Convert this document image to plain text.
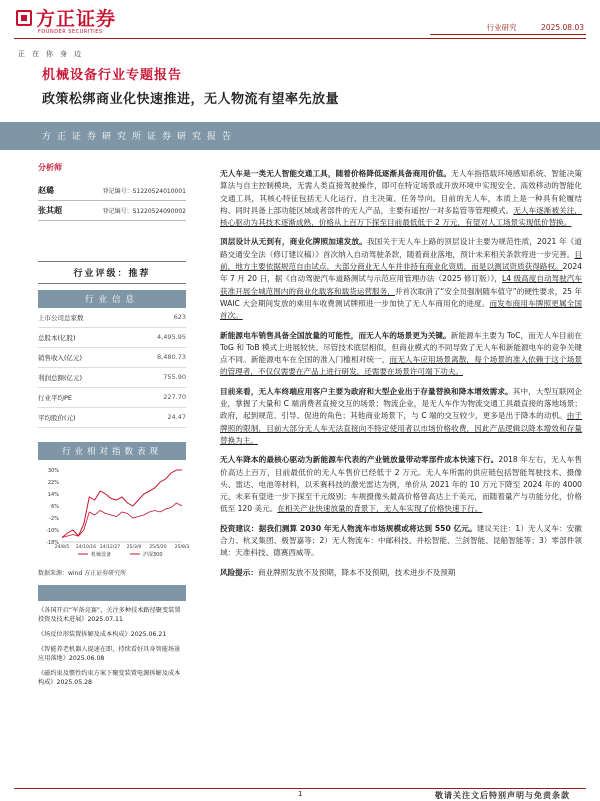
方正证券
FOUNDER SECURITIES
正在你身边
行业研究	2025.08.03
机械设备行业专题报告
政策松绑商业化快速推进，无人物流有望率先放量
方正证券研究所证券研究报告
分析师
赵璐	登记编号：S1220524010001
张其超	登记编号：S1220524090002
行业评级：推荐
行业信息
上市公司总家数	623
总股本(亿股)	4,495.95
销售收入(亿元)	8,480.73
利润总额(亿元)	755.90
行业平均PE	227.70
平均股价(元)	24.47
行业相对指数表现
30%
22%
14%
6%
-2%
-10%
-18%
24/8/5 24/10/16 24/12/27 25/3/9 25/5/20 25/8/3
机械设备	沪深300
数据来源：wind 方正证券研究所
《各国开启“军备竞赛”，关注多种技术路径聚变装置投资及技术进展》2025.07.11
《场反位形装置拆解及成本构成》2025.06.21
《智能养老机器人提速在即，持续看好具身智能场景应用落地》2025.06.08
《磁约束及惯性约束方案下聚变装置电源拆解及成本构成》2025.05.28

无人车是一类无人智能交通工具，随着价格降低逐渐具备商用价值。无人车指搭载环境感知系统、智能决策算法与自主控制模块，无需人类直接驾驶操作，即可在特定场景或开放环境中实现安全、高效移动的智能化交通工具，其核心特征包括无人化运行、自主决策、任务导向。目前的无人车，本质上是一种具有轮履结构、同时具备上部功能区域或者部件的无人产品，主要有遥控/一对多监管等管理模式。无人车逐渐被关注，核心驱动为其技术逐渐成熟，价格从上百万下探至目前最低低于 2 万元，有望对人工场景实现低价替换。

顶层设计从无到有，商业化牌照加速发放。我国关于无人车上路的顶层设计主要为规范性质，2021 年《道路交通安全法（修订建议稿）》首次纳入自动驾驶条款，随着商业落地，预计未来相关条款将进一步完善。目前，地方主要依据规范自由试点，大部分商业无人车并非持有商业化资质，而是以测试资质获得路权。2024 年 7 月 20 日，据《自动驾驶汽车道路测试与示范应用管理办法（2025 修订版）》，L4 级高度自动驾驶汽车获准开展全城范围内的商业化载客和载货运营服务，并首次取消了“安全员强制随车值守”的硬性要求，25 年 WAIC 大会期间发放的乘用车收费测试牌照进一步加快了无人车商用化的进度。而发布商用车牌照更属全国首次。

新能源电车销售具备全国放量的可能性，而无人车的场景更为关键。新能源车主要为 ToC，而无人车目前在 ToG 和 ToB 模式上进展较快。尽管技术底层相似，但商业模式的不同导致了无人车和新能源电车的竞争关键点不同。新能源电车在全国的准入门槛相对统一，而无人车应用场景离散，每个场景的准入依赖于这个场景的管理者，不仅仅需要在产品上进行研发，还需要在场景许可端下功夫。

目前来看，无人车终端应用客户主要为政府和大型企业出于存量替换和降本增效需求。其中，大型互联网企业，掌握了大量和 C 端消费者直接交互的场景；物流企业，是无人车作为物流交通工具最直接的落地场景；政府，起到规范、引导、促进的角色；其他商业场景下，与 C 端的交互较少，更多是出于降本的动机。由于牌照的限制，目前大部分无人车无法直接向不特定使用者以市场价格收费，因此产品逻辑以降本增效和存量替换为主。

无人车降本的最核心驱动为新能源车代表的产业链放量带动零部件成本快速下行。2018 年左右，无人车售价高达上百万，目前最低价的无人车售价已经低于 2 万元。无人车所需的供应链包括智能驾驶技术、摄像头、雷达、电池等材料，以禾赛科技的激光雷达为例，单价从 2021 年的 10 万元下降至 2024 年的 4000 元，未来有望进一步下探至千元级别；车规摄像头最高价格曾高达上千美元，而随着量产与功能分化，价格低至 120 美元。在相关产业快速放量的背景下，无人车实现了价格快速下行。

投资建议：据我们测算 2030 年无人物流车市场规模或将达到 550 亿元。建议关注：1）无人叉车：安徽合力、杭叉集团、极智嘉等；2）无人物流车：中邮科技、井松智能、兰剑智能、昆船智能等；3）零部件领域：天准科技、德赛西威等。

风险提示：商业牌照发放不及预期，降本不及预期，技术进步不及预期

1	敬请关注文后特别声明与免责条款
